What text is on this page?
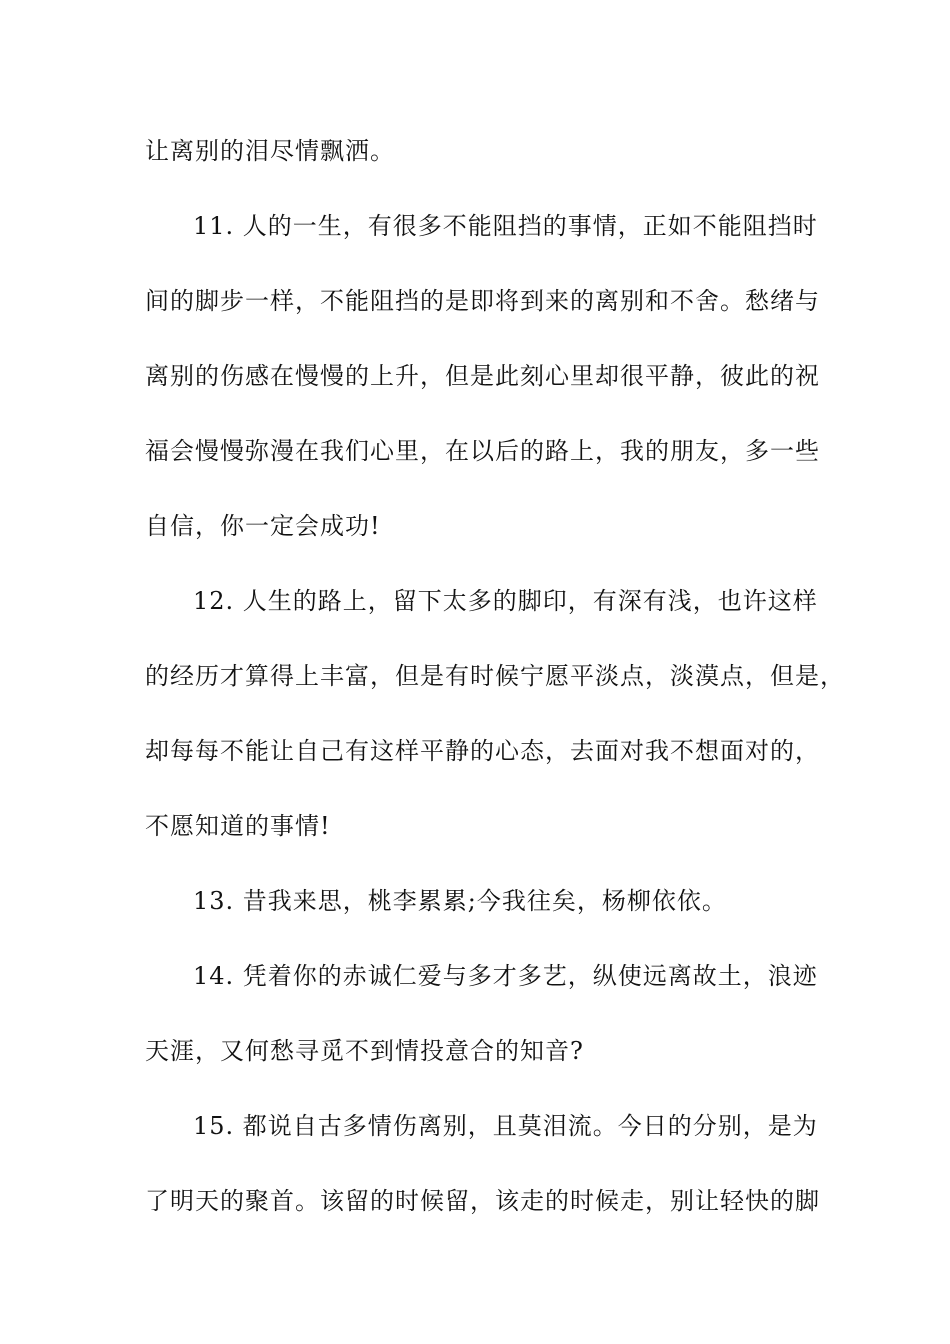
让离别的泪尽情飘洒。
11. 人的一生，有很多不能阻挡的事情，正如不能阻挡时
间的脚步一样，不能阻挡的是即将到来的离别和不舍。愁绪与
离别的伤感在慢慢的上升，但是此刻心里却很平静，彼此的祝
福会慢慢弥漫在我们心里，在以后的路上，我的朋友，多一些
自信，你一定会成功!
12. 人生的路上，留下太多的脚印，有深有浅，也许这样
的经历才算得上丰富，但是有时候宁愿平淡点，淡漠点，但是，
却每每不能让自己有这样平静的心态，去面对我不想面对的，
不愿知道的事情!
13. 昔我来思，桃李累累;今我往矣，杨柳依依。
14. 凭着你的赤诚仁爱与多才多艺，纵使远离故土，浪迹
天涯，又何愁寻觅不到情投意合的知音?
15. 都说自古多情伤离别，且莫泪流。今日的分别，是为
了明天的聚首。该留的时候留，该走的时候走，别让轻快的脚
